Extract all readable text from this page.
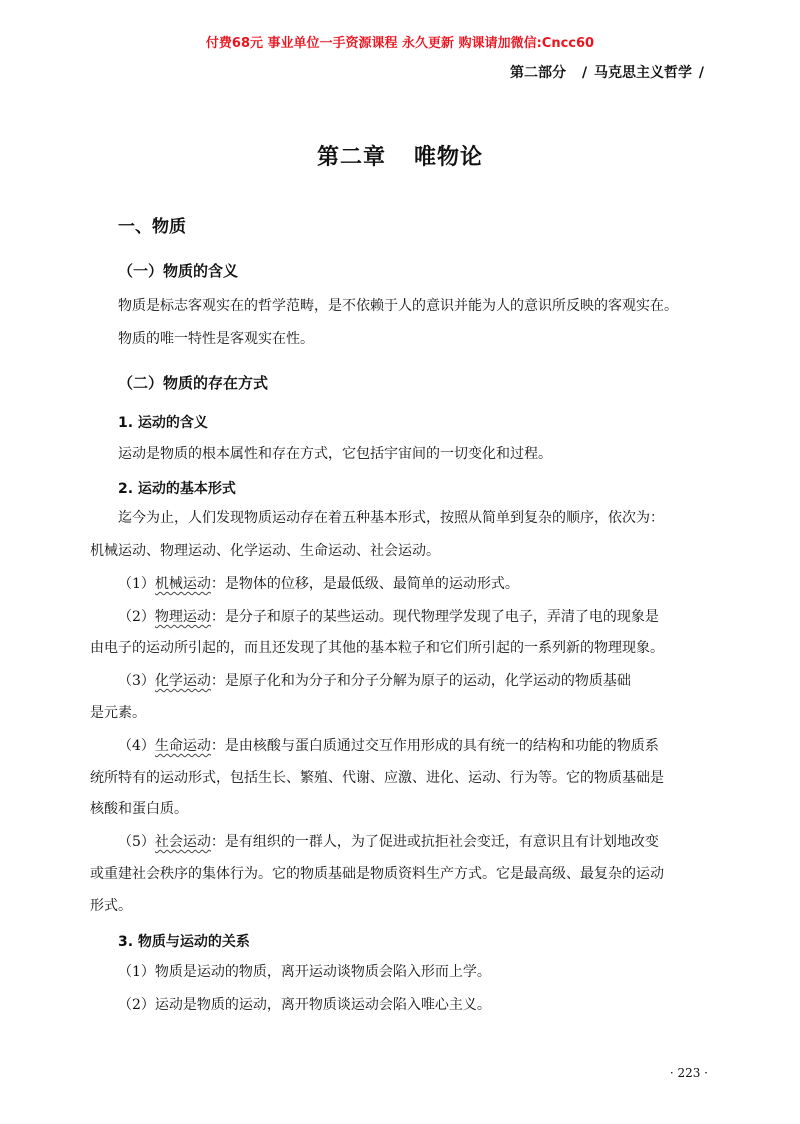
付费68元 事业单位一手资源课程 永久更新 购课请加微信:Cncc60
第二部分 / 马克思主义哲学 /
第二章 唯物论
一、物质
（一）物质的含义
物质是标志客观实在的哲学范畴，是不依赖于人的意识并能为人的意识所反映的客观实在。
物质的唯一特性是客观实在性。
（二）物质的存在方式
1. 运动的含义
运动是物质的根本属性和存在方式，它包括宇宙间的一切变化和过程。
2. 运动的基本形式
迄今为止，人们发现物质运动存在着五种基本形式，按照从简单到复杂的顺序，依次为：
机械运动、物理运动、化学运动、生命运动、社会运动。
（1）机械运动：是物体的位移，是最低级、最简单的运动形式。
（2）物理运动：是分子和原子的某些运动。现代物理学发现了电子，弄清了电的现象是
由电子的运动所引起的，而且还发现了其他的基本粒子和它们所引起的一系列新的物理现象。
（3）化学运动：是原子化和为分子和分子分解为原子的运动，化学运动的物质基础
是元素。
（4）生命运动：是由核酸与蛋白质通过交互作用形成的具有统一的结构和功能的物质系
统所特有的运动形式，包括生长、繁殖、代谢、应激、进化、运动、行为等。它的物质基础是
核酸和蛋白质。
（5）社会运动：是有组织的一群人，为了促进或抗拒社会变迁，有意识且有计划地改变
或重建社会秩序的集体行为。它的物质基础是物质资料生产方式。它是最高级、最复杂的运动
形式。
3. 物质与运动的关系
（1）物质是运动的物质，离开运动谈物质会陷入形而上学。
（2）运动是物质的运动，离开物质谈运动会陷入唯心主义。
· 223 ·
